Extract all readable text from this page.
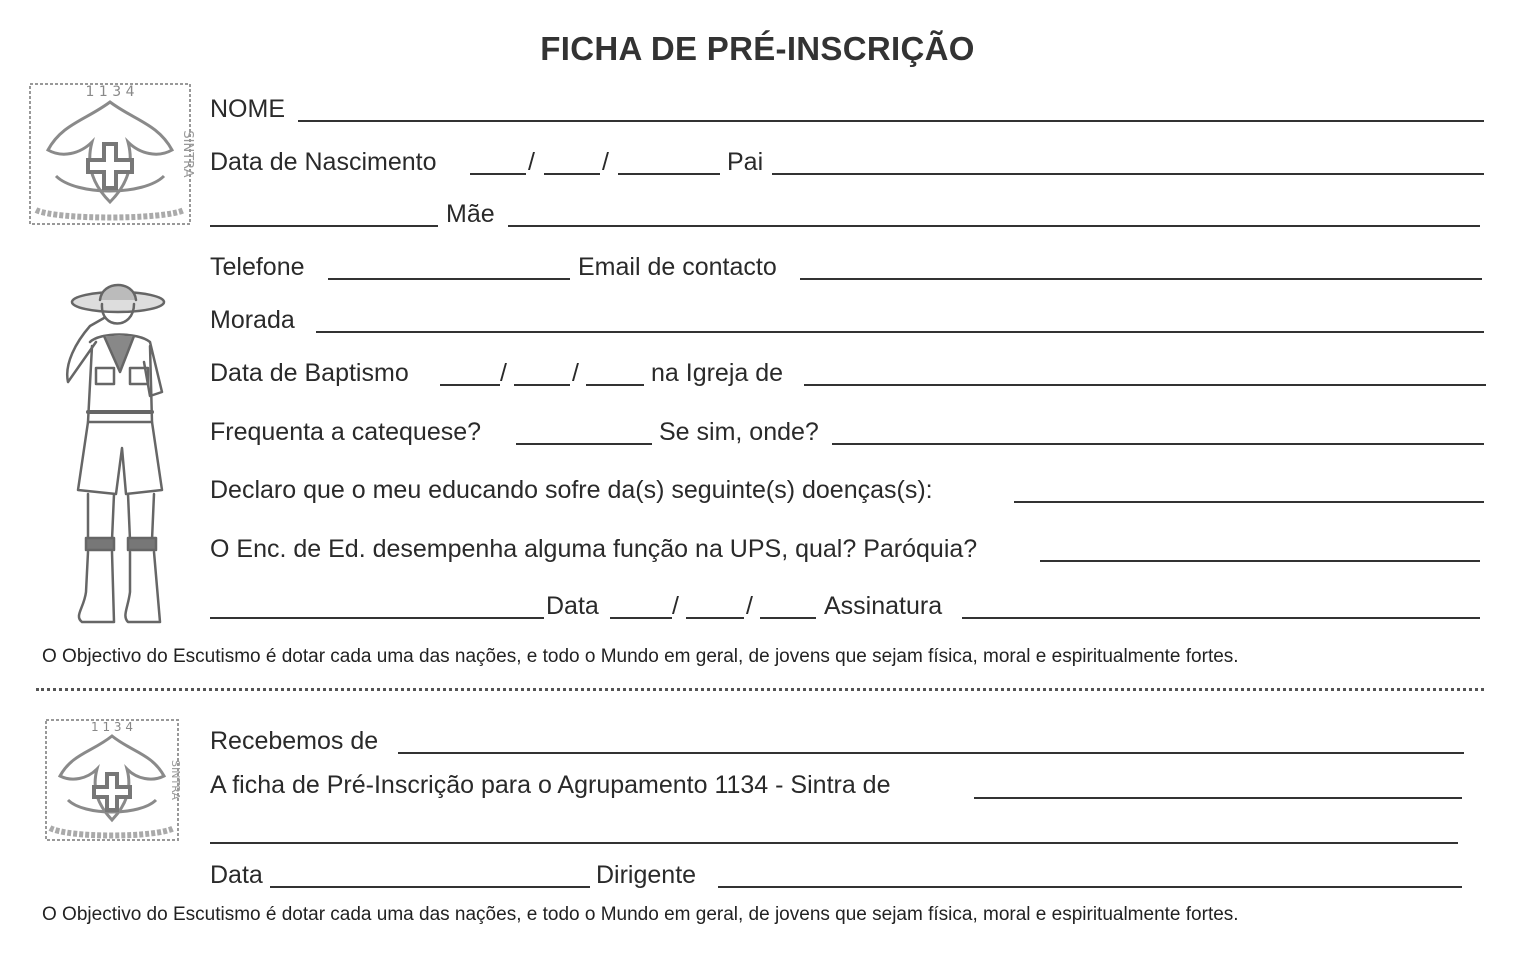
FICHA DE PRÉ-INSCRIÇÃO
1 1 3 4
SINTRA
NOME
Data de Nascimento	/	/	Pai
Mãe
Telefone	Email de contacto
Morada
Data de Baptismo	/	/	na Igreja de
Frequenta a catequese?	Se sim, onde?
Declaro que o meu educando sofre da(s) seguinte(s) doenças(s):
O Enc. de Ed. desempenha alguma função na UPS, qual? Paróquia?
Data	/	/	Assinatura
O Objectivo do Escutismo é dotar cada uma das nações, e todo o Mundo em geral, de jovens que sejam física, moral e espiritualmente fortes.
1 1 3 4
SINTRA
Recebemos de
A ficha de Pré-Inscrição para o Agrupamento 1134 - Sintra de
Data	Dirigente
O Objectivo do Escutismo é dotar cada uma das nações, e todo o Mundo em geral, de jovens que sejam física, moral e espiritualmente fortes.
